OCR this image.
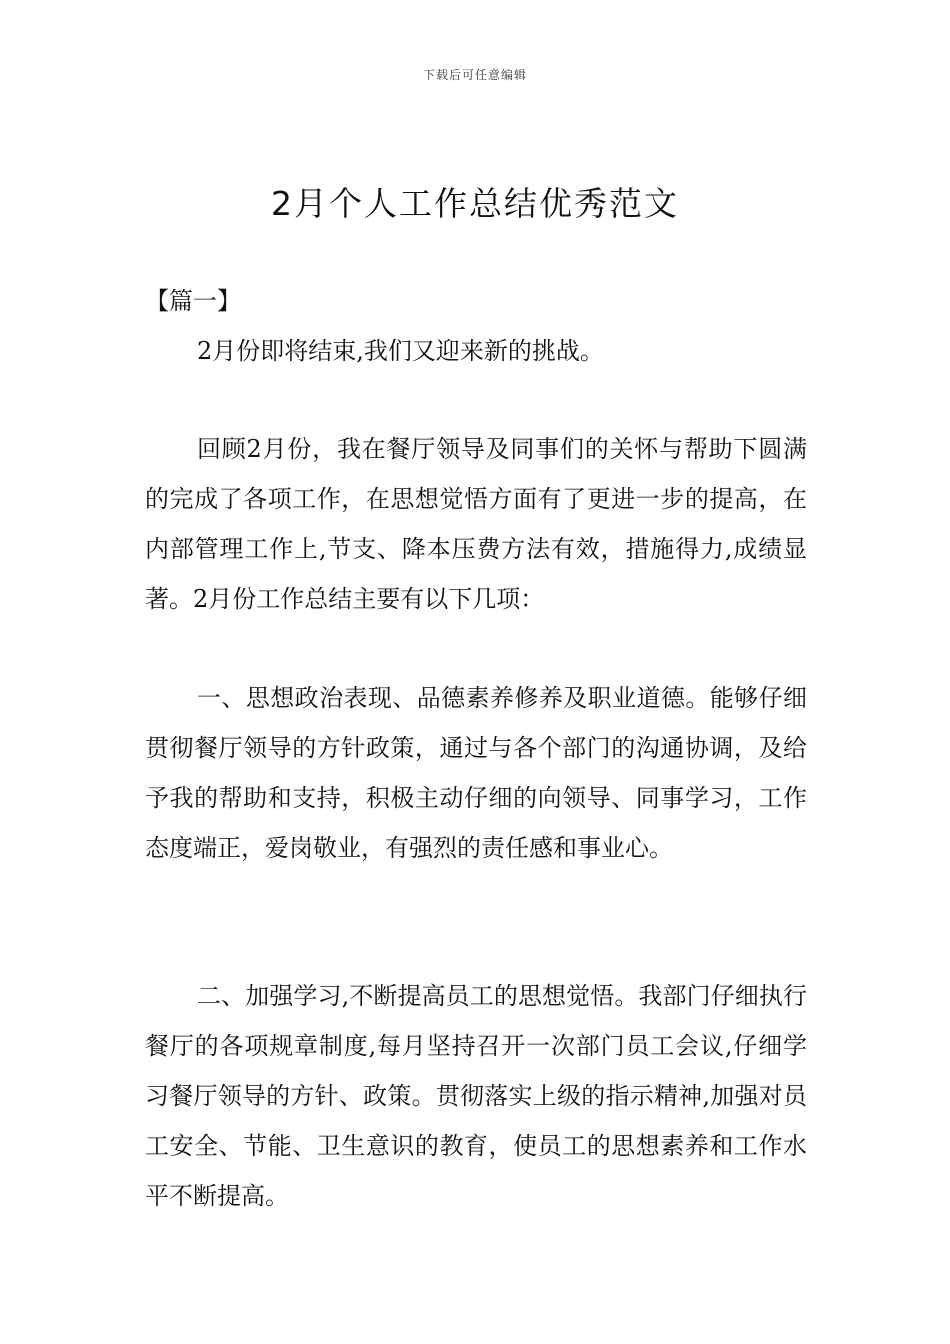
下载后可任意编辑
2月个人工作总结优秀范文
【篇一】

2月份即将结束,我们又迎来新的挑战。

回顾2月份，我在餐厅领导及同事们的关怀与帮助下圆满的完成了各项工作，在思想觉悟方面有了更进一步的提高，在内部管理工作上,节支、降本压费方法有效，措施得力,成绩显著。2月份工作总结主要有以下几项：

一、思想政治表现、品德素养修养及职业道德。能够仔细贯彻餐厅领导的方针政策，通过与各个部门的沟通协调，及给予我的帮助和支持，积极主动仔细的向领导、同事学习，工作态度端正，爱岗敬业，有强烈的责任感和事业心。

二、加强学习,不断提高员工的思想觉悟。我部门仔细执行餐厅的各项规章制度,每月坚持召开一次部门员工会议,仔细学习餐厅领导的方针、政策。贯彻落实上级的指示精神,加强对员工安全、节能、卫生意识的教育，使员工的思想素养和工作水平不断提高。
